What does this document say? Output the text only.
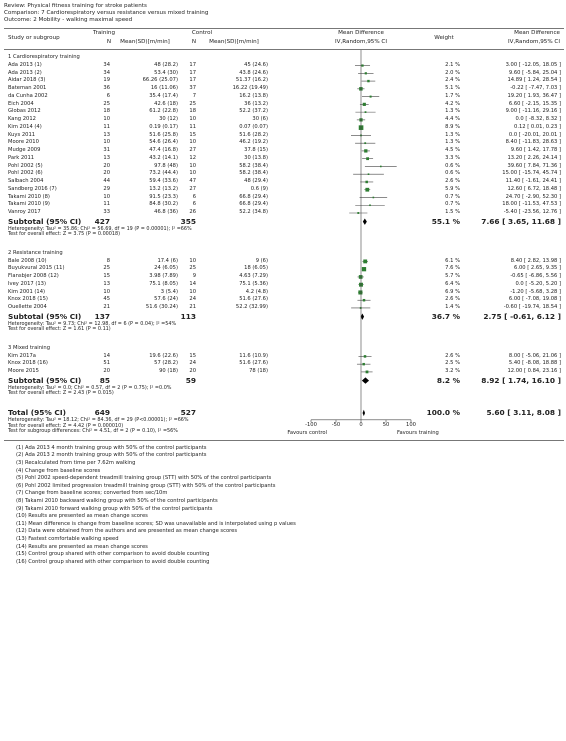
Review: Physical fitness training for stroke patients
Comparison: 7 Cardiorespiratory versus resistance versus mixed training
Outcome: 2 Mobility - walking maximal speed
Study or subgroup
Training
N Mean(SD)[m/min]
Control
N Mean(SD)[m/min]
Mean Difference
IV,Random,95% CI
Weight
Mean Difference
IV,Random,95% CI
1 Cardiorespiratory training
Ada 2013 (1)	34	48 (28.2) 17	45 (24.6)	2.1 %	3.00 [ -12.05, 18.05 ]
Ada 2013 (2)	34	53.4 (30) 17	43.8 (24.6)	2.0 %	9.60 [ -5.84, 25.04 ]
Aidar 2018 (3)	19	66.26 (25.07) 17	51.37 (16.2)	2.4 %	14.89 [ 1.24, 28.54 ]
Bateman 2001	36	16 (11.06) 37	16.22 (19.49)	5.1 %	-0.22 [ -7.47, 7.03 ]
da Cunha 2002	6	35.4 (17.4)	7	16.2 (13.8)	1.7 %	19.20 [ 1.93, 36.47 ]
Eich 2004	25	42.6 (18) 25	36 (13.2)	4.2 %	6.60 [ -2.15, 15.35 ]
Globas 2012	18	61.2 (22.8) 18	52.2 (37.2)	1.3 %	9.00 [ -11.16, 29.16 ]
Kang 2012	10	30 (12) 10	30 (6)	4.4 %	0.0 [ -8.32, 8.32 ]
Kim 2014 (4)	11	0.19 (0.17) 11	0.07 (0.07)	8.9 %	0.12 [ 0.01, 0.23 ]
Kuys 2011	13	51.6 (25.8) 15	51.6 (28.2)	1.3 %	0.0 [ -20.01, 20.01 ]
Moore 2010	10	54.6 (26.4) 10	46.2 (19.2)	1.3 %	8.40 [ -11.83, 28.63 ]
Mudge 2009	31	47.4 (16.8) 27	37.8 (15)	4.5 %	9.60 [ 1.42, 17.78 ]
Park 2011	13	43.2 (14.1) 12	30 (13.8)	3.3 %	13.20 [ 2.26, 24.14 ]
Pohl 2002 (5)	20	97.8 (48) 10	58.2 (38.4)	0.6 %	39.60 [ 7.84, 71.36 ]
Pohl 2002 (6)	20	73.2 (44.4) 10	58.2 (38.4)	0.6 %	15.00 [ -15.74, 45.74 ]
Salbach 2004	44	59.4 (33.6) 47	48 (29.4)	2.6 %	11.40 [ -1.61, 24.41 ]
Sandberg 2016 (7)	29	13.2 (13.2) 27	0.6 (9)	5.9 %	12.60 [ 6.72, 18.48 ]
Takami 2010 (8)	10	91.5 (23.3)	6	66.8 (29.4)	0.7 %	24.70 [ -2.90, 52.30 ]
Takami 2010 (9)	11	84.8 (30.2)	6	66.8 (29.4)	0.7 %	18.00 [ -11.53, 47.53 ]
Vanroy 2017	33	46.8 (36) 26	52.2 (34.8)	1.5 %	-5.40 [ -23.56, 12.76 ]
Subtotal (95% CI) 427	355	55.1 %	7.66 [ 3.65, 11.68 ]
Heterogeneity: Tau² = 35.86; Chi² = 56.69, df = 19 (P = 0.00001); I² =66%
Test for overall effect: Z = 3.75 (P = 0.00018)
2 Resistance training
Bale 2008 (10)	8	17.4 (6) 10	9 (6)	6.1 %	8.40 [ 2.82, 13.98 ]
Buyukvural 2015 (11)	25	24 (6.05) 25	18 (6.05)	7.6 %	6.00 [ 2.65, 9.35 ]
Flansbjer 2008 (12)	15	3.98 (7.89)	9	4.63 (7.29)	5.7 %	-0.65 [ -6.86, 5.56 ]
Ivey 2017 (13)	13	75.1 (8.05) 14	75.1 (5.36)	6.4 %	0.0 [ -5.20, 5.20 ]
Kim 2001 (14)	10	3 (5.4) 10	4.2 (4.8)	6.9 %	-1.20 [ -5.68, 3.28 ]
Knox 2018 (15)	45	57.6 (24) 24	51.6 (27.6)	2.6 %	6.00 [ -7.08, 19.08 ]
Ouellette 2004	21	51.6 (30.24) 21	52.2 (32.99)	1.4 %	-0.60 [ -19.74, 18.54 ]
Subtotal (95% CI) 137	113	36.7 %	2.75 [ -0.61, 6.12 ]
Heterogeneity: Tau² = 9.73; Chi² = 12.98, df = 6 (P = 0.04); I² =54%
Test for overall effect: Z = 1.61 (P = 0.11)
3 Mixed training
Kim 2017a	14	19.6 (22.6) 15	11.6 (10.9)	2.6 %	8.00 [ -5.06, 21.06 ]
Knox 2018 (16)	51	57 (28.2) 24	51.6 (27.6)	2.5 %	5.40 [ -8.08, 18.88 ]
Moore 2015	20	90 (18) 20	78 (18)	3.2 %	12.00 [ 0.84, 23.16 ]
Subtotal (95% CI) 85	59	8.2 %	8.92 [ 1.74, 16.10 ]
Heterogeneity: Tau² = 0.0; Chi² = 0.57, df = 2 (P = 0.75); I² =0.0%
Test for overall effect: Z = 2.43 (P = 0.015)
Total (95% CI)	649	527	100.0 %	5.60 [ 3.11, 8.08 ]
Heterogeneity: Tau² = 18.12; Chi² = 84.36, df = 29 (P<0.00001); I² =66%
Test for overall effect: Z = 4.42 (P = 0.000010)
Test for subgroup differences: Chi² = 4.51, df = 2 (P = 0.10), I² =56%
-100	-50	0	50	100
Favours control	Favours training
(1) Ada 2013 4 month training group with 50% of the control participants
(2) Ada 2013 2 month training group with 50% of the control participants
(3) Recalculated from time per 7.62m walking
(4) Change from baseline scores
(5) Pohl 2002 speed-dependent treadmill training group (STT) with 50% of the control participants
(6) Pohl 2002 limited progression treadmill training group (STT) with 50% of the control participants
(7) Change from baseline scores; converted from sec/10m
(8) Takami 2010 backward walking group with 50% of the control participants
(9) Takami 2010 forward walking group with 50% of the control participants
(10) Results are presented as mean change scores
(11) Mean difference is change from baseline scores; SD was unavailable and is interpolated using p values
(12) Data were obtained from the authors and are presented as mean change scores
(13) Fastest comfortable walking speed
(14) Results are presented as mean change scores
(15) Control group shared with other comparison to avoid double counting
(16) Control group shared with other comparison to avoid double counting
